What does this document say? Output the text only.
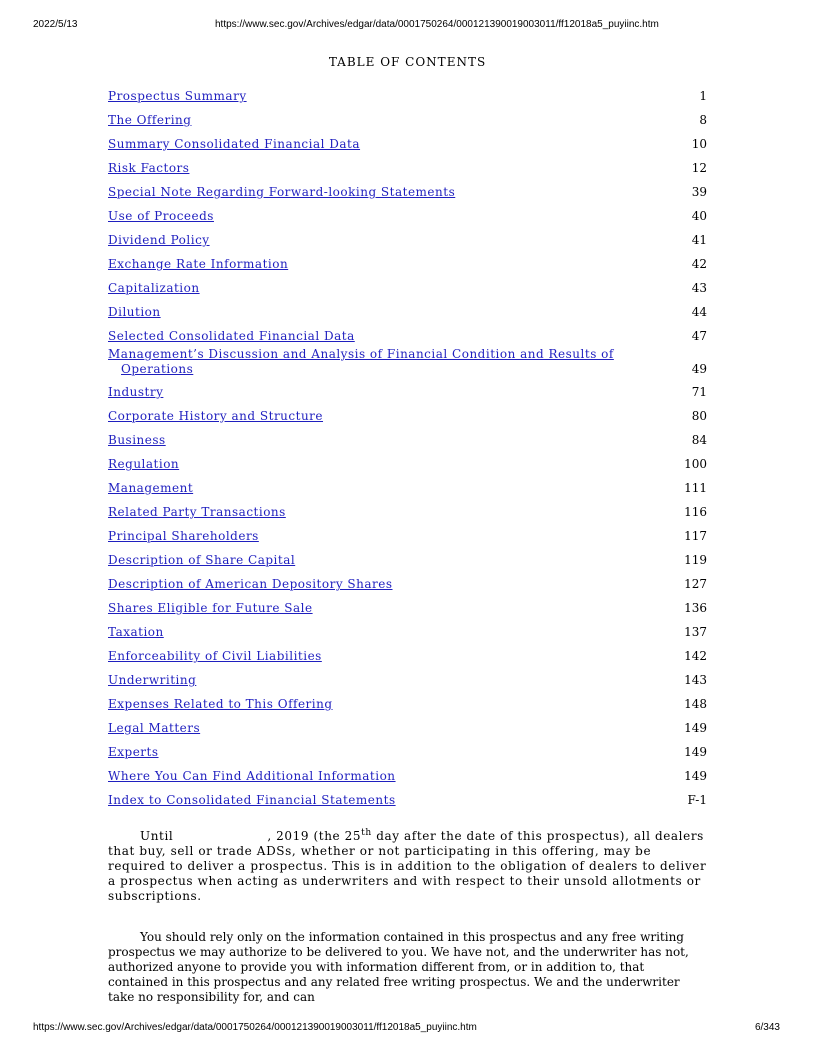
2022/5/13	https://www.sec.gov/Archives/edgar/data/0001750264/000121390019003011/ff12018a5_puyiinc.htm
TABLE OF CONTENTS
Prospectus Summary	1
The Offering	8
Summary Consolidated Financial Data	10
Risk Factors	12
Special Note Regarding Forward-looking Statements	39
Use of Proceeds	40
Dividend Policy	41
Exchange Rate Information	42
Capitalization	43
Dilution	44
Selected Consolidated Financial Data	47
Management’s Discussion and Analysis of Financial Condition and Results of
Operations	49
Industry	71
Corporate History and Structure	80
Business	84
Regulation	100
Management	111
Related Party Transactions	116
Principal Shareholders	117
Description of Share Capital	119
Description of American Depository Shares	127
Shares Eligible for Future Sale	136
Taxation	137
Enforceability of Civil Liabilities	142
Underwriting	143
Expenses Related to This Offering	148
Legal Matters	149
Experts	149
Where You Can Find Additional Information	149
Index to Consolidated Financial Statements	F-1

Until	, 2019 (the 25th day after the date of this prospectus), all dealers that buy, sell or trade ADSs, whether or not participating in this offering, may be required to deliver a prospectus. This is in addition to the obligation of dealers to deliver a prospectus when acting as underwriters and with respect to their unsold allotments or subscriptions.

You should rely only on the information contained in this prospectus and any free writing prospectus we may authorize to be delivered to you. We have not, and the underwriter has not, authorized anyone to provide you with information different from, or in addition to, that contained in this prospectus and any related free writing prospectus. We and the underwriter take no responsibility for, and can

https://www.sec.gov/Archives/edgar/data/0001750264/000121390019003011/ff12018a5_puyiinc.htm	6/343
